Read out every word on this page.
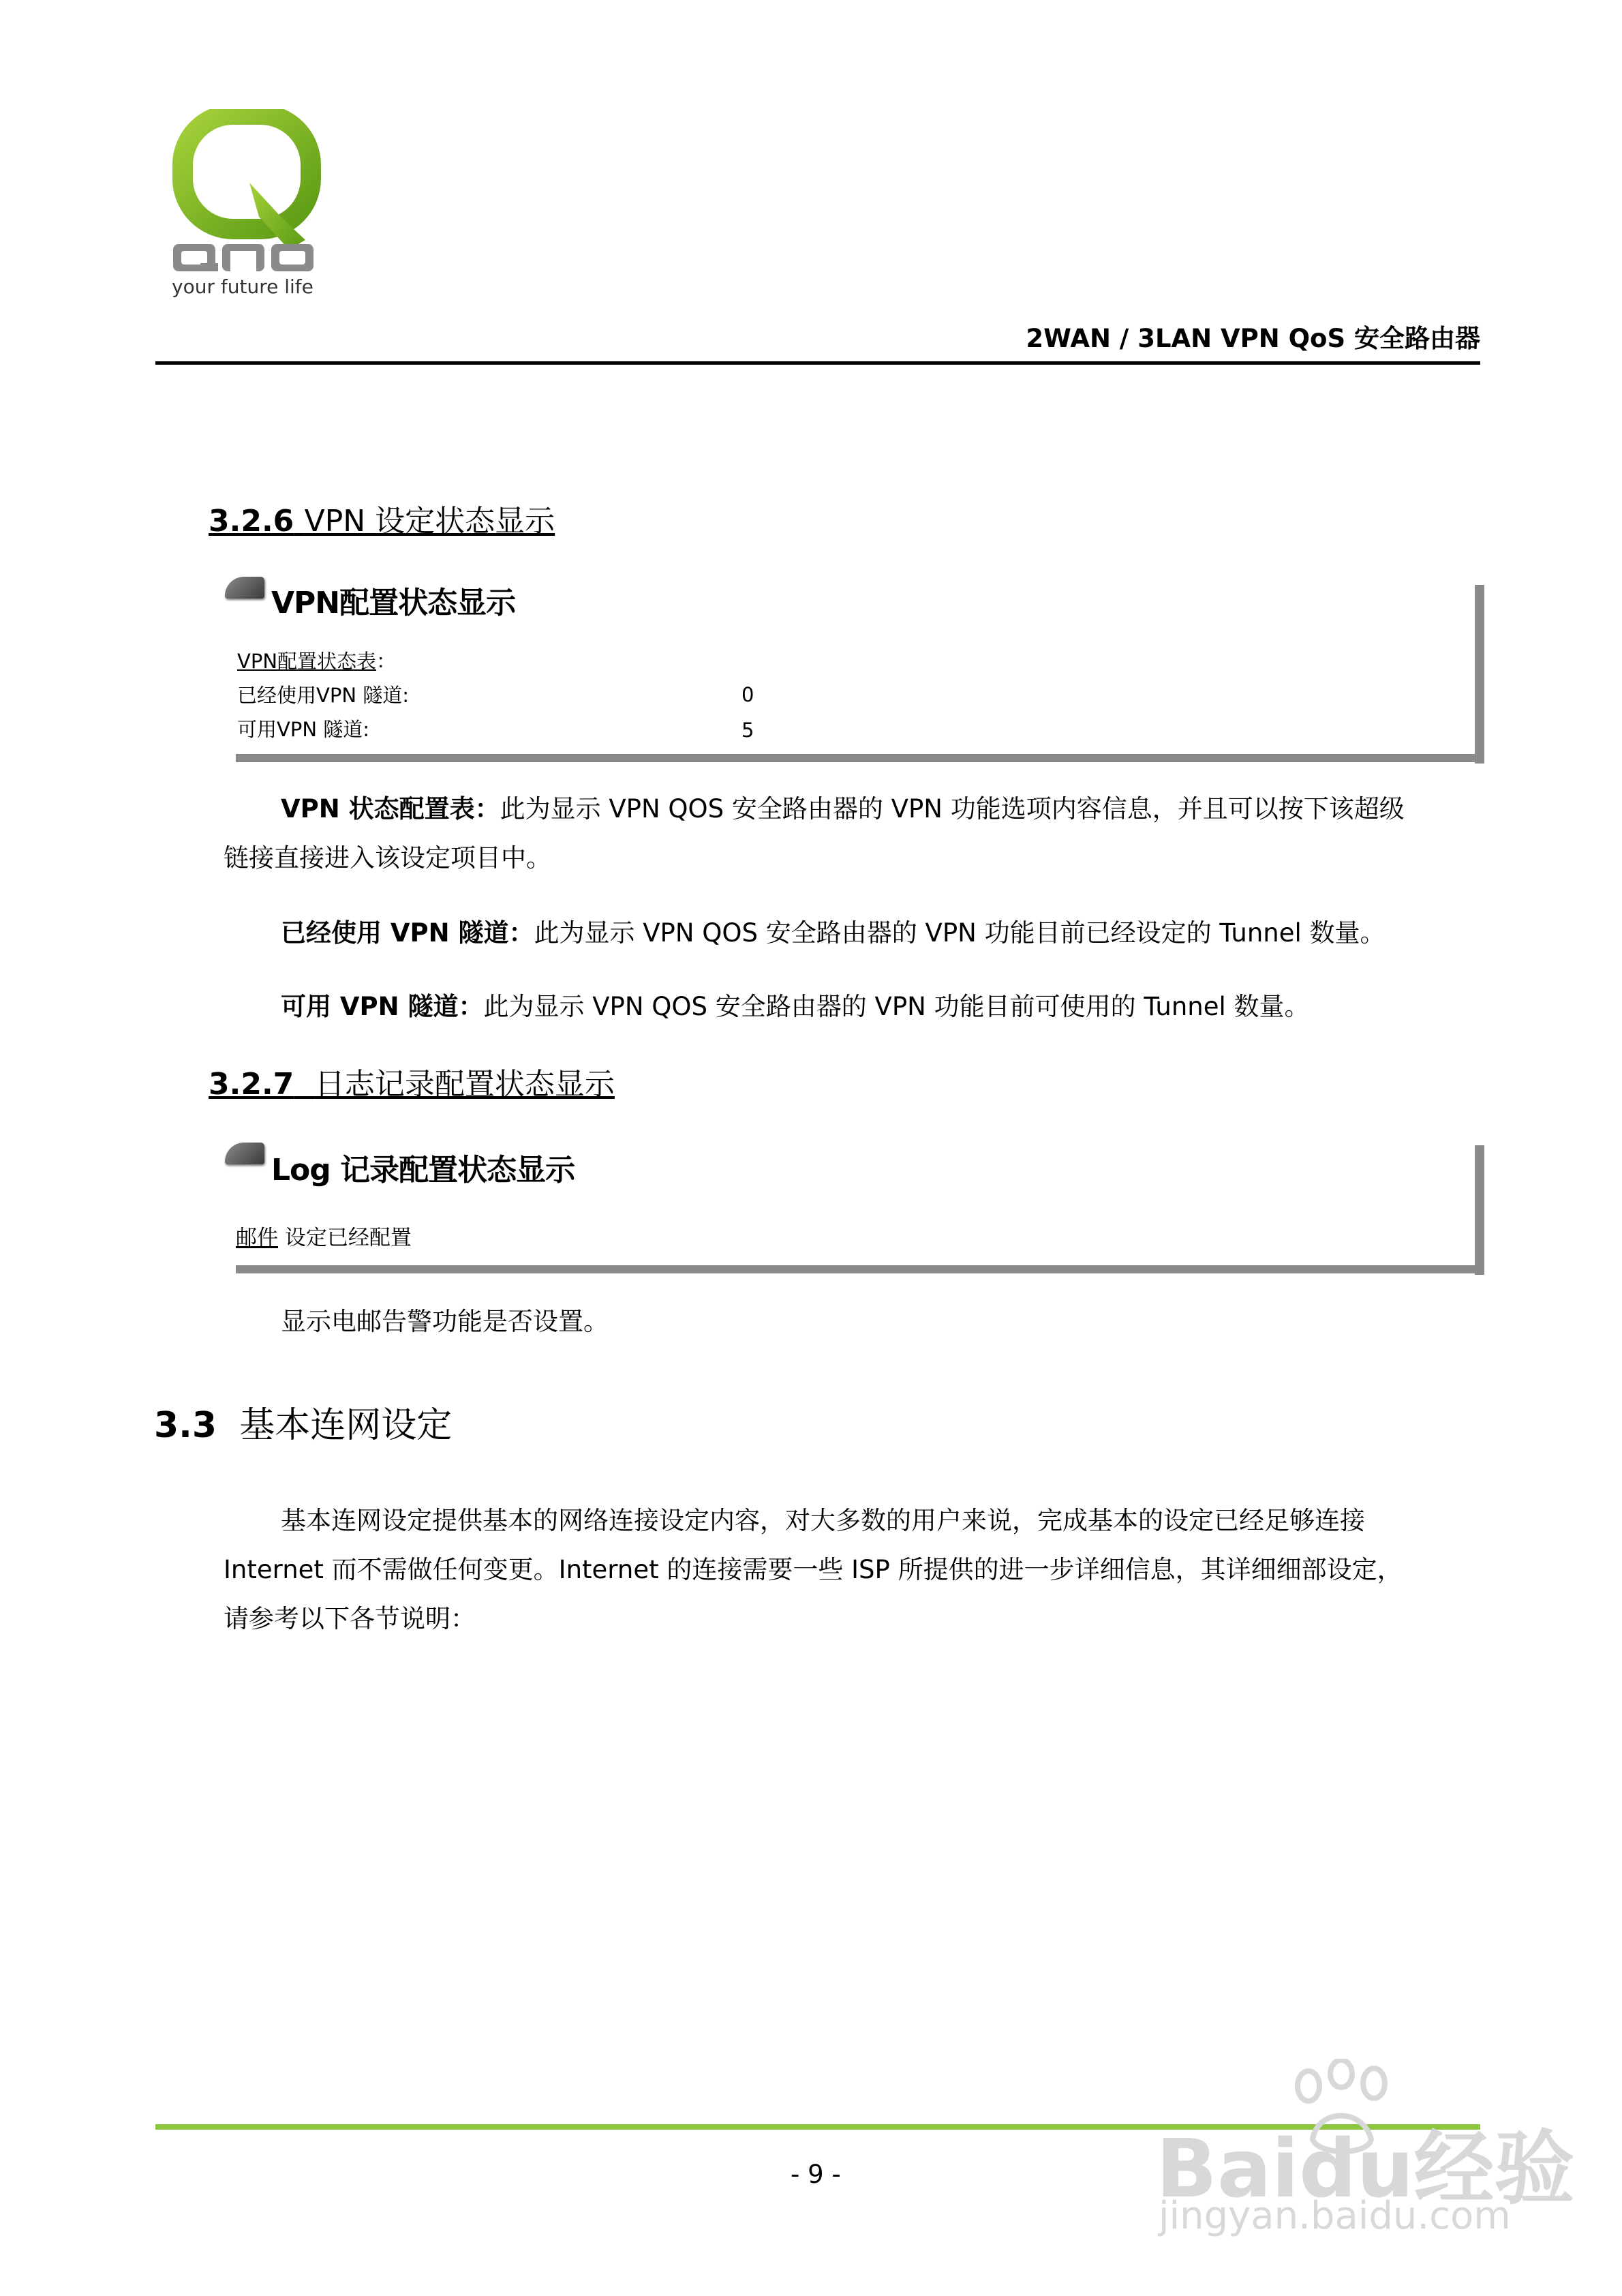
your future life
2WAN / 3LAN VPN QoS 安全路由器
3.2.6 VPN 设定状态显示
VPN配置状态显示
VPN配置状态表：
已经使用VPN 隧道:	0
可用VPN 隧道:	5
VPN 状态配置表：此为显示 VPN QOS 安全路由器的 VPN 功能选项内容信息，并且可以按下该超级
链接直接进入该设定项目中。
已经使用 VPN 隧道：此为显示 VPN QOS 安全路由器的 VPN 功能目前已经设定的 Tunnel 数量。
可用 VPN 隧道：此为显示 VPN QOS 安全路由器的 VPN 功能目前可使用的 Tunnel 数量。
3.2.7 日志记录配置状态显示
Log 记录配置状态显示
邮件 设定已经配置
显示电邮告警功能是否设置。
3.3 基本连网设定
基本连网设定提供基本的网络连接设定内容，对大多数的用户来说，完成基本的设定已经足够连接
Internet 而不需做任何变更。Internet 的连接需要一些 ISP 所提供的进一步详细信息，其详细细部设定，
请参考以下各节说明：
- 9 -	Baidu经验
jingyan.baidu.com
